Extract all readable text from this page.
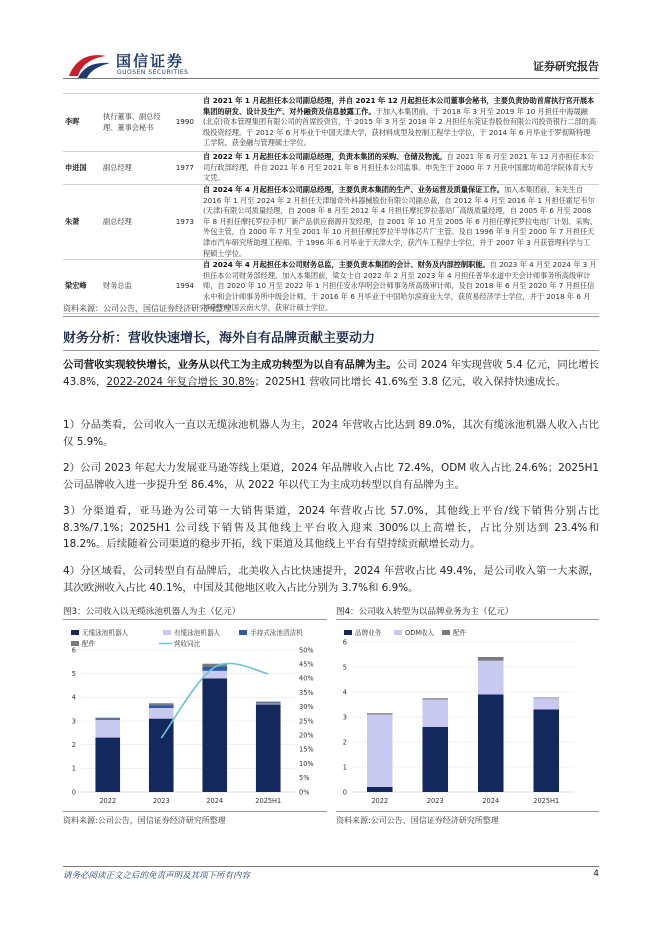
国信证券
GUOSEN SECURITIES	证券研究报告
李晖	执行董事、副总经理、董事会秘书	1990	自 2021 年 1 月起担任本公司副总经理，并自 2021 年 12 月起担任本公司董事会秘书，主要负责协助首席执行官开展本集团的研发、设计及生产、对外融资及信息披露工作。于加入本集团前，于 2018 年 3 月至 2019 年 10 月担任中海晟融(北京)资本管理集团有限公司的首席投资官，于 2015 年 3 月至 2018 年 2 月担任东莞证券股份有限公司投资银行二部的高级投资经理。于 2012 年 6 月毕业于中国天津大学，获材料成型及控制工程学士学位，于 2014 年 6 月毕业于罗彻斯特理工学院，获金融与管理硕士学位。
申进国	副总经理	1977	自 2022 年 1 月起担任本公司副总经理，负责本集团的采购、仓储及物流。自 2021 年 6 月至 2021 年 12 月亦担任本公司行政部经理，并自 2021 年 6 月至 2021 年 8 月担任本公司监事。申先生于 2000 年 7 月获中国廊坊师范学院体育大专文凭。
朱萧	副总经理	1973	自 2024 年 4 月起担任本公司副总经理，主要负责本集团的生产、业务运营及质量保证工作。加入本集团前，朱先生自 2016 年 1 月至 2024 年 2 月担任天津瑞奇外科器械股份有限公司副总裁，自 2012 年 4 月至 2016 年 1 月担任霍尼韦尔(天津)有限公司质量经理，自 2008 年 8 月至 2012 年 4 月担任摩托罗拉基站厂高级质量经理，自 2005 年 6 月至 2008 年 8 月担任摩托罗拉手机厂新产品供应商源开发经理，自 2001 年 10 月至 2005 年 6 月担任摩托罗拉电池厂计划、采购、外包主管，自 2000 年 7 月至 2001 年 10 月担任摩托罗拉半导体芯片厂主管。及自 1996 年 9 月至 2000 年 7 月担任天津市汽车研究所助理工程师。于 1996 年 6 月毕业于天津大学，获汽车工程学士学位，并于 2007 年 3 月获管理科学与工程硕士学位。
梁宏峰	财务总监	1994	自 2024 年 4 月起担任本公司财务总监，主要负责本集团的会计、财务及内部控制职能。自 2023 年 4 月至 2024 年 3 月担任本公司财务部经理。加入本集团前，梁女士自 2022 年 2 月至 2023 年 4 月担任普华永道中天会计师事务所高级审计师，自 2020 年 10 月至 2022 年 1 月担任安永华明会计师事务所高级审计师，及自 2018 年 6 月至 2020 年 7 月担任信永中和会计师事务所中级会计师。于 2016 年 6 月毕业于中国哈尔滨商业大学，获贸易经济学士学位，并于 2018 年 6 月毕业于中国云南大学，获审计硕士学位。
资料来源：公司公告，国信证券经济研究所整理
财务分析：营收快速增长，海外自有品牌贡献主要动力

公司营收实现较快增长，业务从以代工为主成功转型为以自有品牌为主。公司 2024 年实现营收 5.4 亿元，同比增长 43.8%，2022-2024 年复合增长 30.8%；2025H1 营收同比增长 41.6%至 3.8 亿元，收入保持快速成长。

1）分品类看，公司收入一直以无缆泳池机器人为主，2024 年营收占比达到 89.0%，其次有缆泳池机器人收入占比仅 5.9%。

2）公司 2023 年起大力发展亚马逊等线上渠道，2024 年品牌收入占比 72.4%，ODM 收入占比 24.6%；2025H1 公司品牌收入进一步提升至 86.4%，从 2022 年以代工为主成功转型以自有品牌为主。

3）分渠道看，亚马逊为公司第一大销售渠道，2024 年营收占比 57.0%，其他线上平台/线下销售分别占比 8.3%/7.1%；2025H1 公司线下销售及其他线上平台收入迎来 300%以上高增长，占比分别达到 23.4%和 18.2%。后续随着公司渠道的稳步开拓，线下渠道及其他线上平台有望持续贡献增长动力。

4）分区域看，公司转型自有品牌后，北美收入占比快速提升，2024 年营收占比 49.4%，是公司收入第一大来源，其次欧洲收入占比 40.1%，中国及其他地区收入占比分别为 3.7%和 6.9%。

图3：公司收入以无缆泳池机器人为主（亿元）
无缆泳池机器人	有缆泳池机器人	手持式泳池清洁机
配件	营收同比
0
1
2
3
4
5
6
0%
5%
10%
15%
20%
25%
30%
35%
40%
45%
50%
2022	2023	2024	2025H1
资料来源:公司公告，国信证券经济研究所整理
图4：公司收入转型为以品牌业务为主（亿元）
品牌业务	ODM收入	配件
0
1
2
3
4
5
6
2022	2023	2024	2025H1
资料来源:公司公告、国信证券经济研究所整理
请务必阅读正文之后的免责声明及其项下所有内容	4
